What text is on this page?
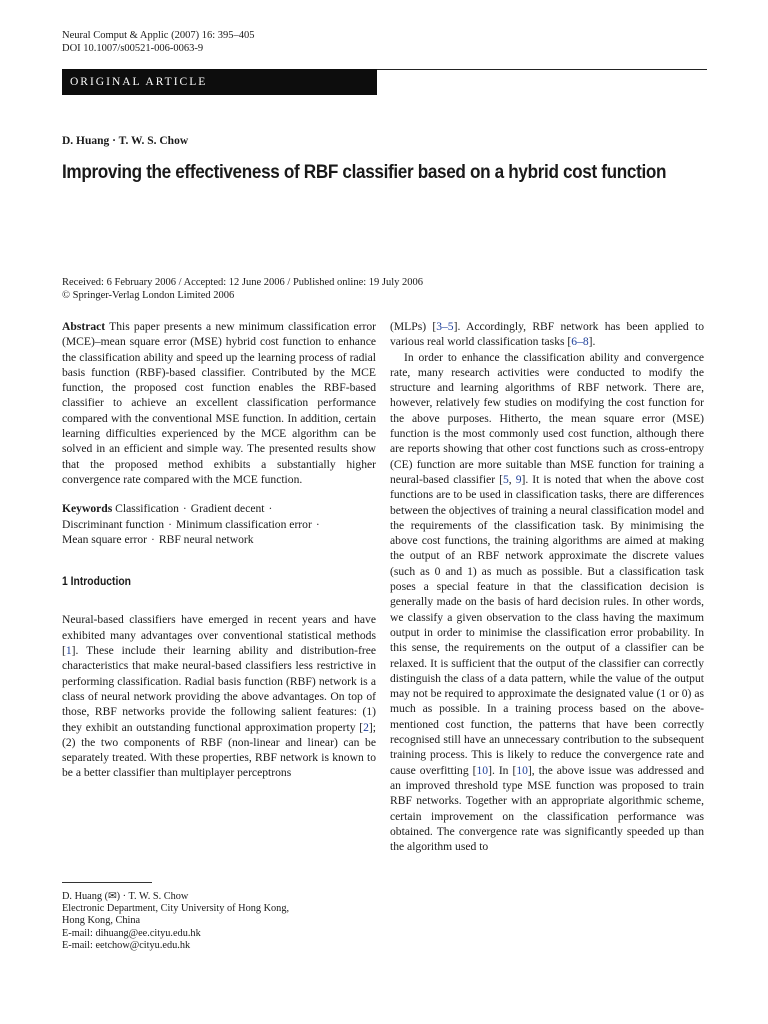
Neural Comput & Applic (2007) 16: 395–405
DOI 10.1007/s00521-006-0063-9
ORIGINAL ARTICLE
D. Huang · T. W. S. Chow
Improving the effectiveness of RBF classifier based on a hybrid cost function
Received: 6 February 2006 / Accepted: 12 June 2006 / Published online: 19 July 2006
© Springer-Verlag London Limited 2006

Abstract This paper presents a new minimum classification error (MCE)–mean square error (MSE) hybrid cost function to enhance the classification ability and speed up the learning process of radial basis function (RBF)-based classifier. Contributed by the MCE function, the proposed cost function enables the RBF-based classifier to achieve an excellent classification performance compared with the conventional MSE function. In addition, certain learning difficulties experienced by the MCE algorithm can be solved in an efficient and simple way. The presented results show that the proposed method exhibits a substantially higher convergence rate compared with the MCE function.

Keywords Classification · Gradient decent ·
Discriminant function · Minimum classification error ·
Mean square error · RBF neural network

1 Introduction

Neural-based classifiers have emerged in recent years and have exhibited many advantages over conventional statistical methods [1]. These include their learning ability and distribution-free characteristics that make neural-based classifiers less restrictive in performing classification. Radial basis function (RBF) network is a class of neural network providing the above advantages. On top of those, RBF networks provide the following salient features: (1) they exhibit an outstanding functional approximation property [2]; (2) the two components of RBF (non-linear and linear) can be separately treated. With these properties, RBF network is known to be a better classifier than multiplayer perceptrons

(MLPs) [3–5]. Accordingly, RBF network has been applied to various real world classification tasks [6–8].

In order to enhance the classification ability and convergence rate, many research activities were conducted to modify the structure and learning algorithms of RBF network. There are, however, relatively few studies on modifying the cost function for the above purposes. Hitherto, the mean square error (MSE) function is the most commonly used cost function, although there are reports showing that other cost functions such as cross-entropy (CE) function are more suitable than MSE function for training a neural-based classifier [5, 9]. It is noted that when the above cost functions are to be used in classification tasks, there are differences between the objectives of training a neural classification model and the requirements of the classification task. By minimising the above cost functions, the training algorithms are aimed at making the output of an RBF network approximate the discrete values (such as 0 and 1) as much as possible. But a classification task poses a special feature in that the classification decision is generally made on the basis of hard decision rules. In other words, we classify a given observation to the class having the maximum output in order to minimise the classification error probability. In this sense, the requirements on the output of a classifier can be relaxed. It is sufficient that the output of the classifier can correctly distinguish the class of a data pattern, while the value of the output may not be required to approximate the designated value (1 or 0) as much as possible. In a training process based on the above-mentioned cost function, the patterns that have been correctly recognised still have an unnecessary contribution to the subsequent training process. This is likely to reduce the convergence rate and cause overfitting [10]. In [10], the above issue was addressed and an improved threshold type MSE function was proposed to train RBF networks. Together with an appropriate algorithmic scheme, certain improvement on the classification performance was obtained. The convergence rate was significantly speeded up than the algorithm used to

D. Huang (✉) · T. W. S. Chow
Electronic Department, City University of Hong Kong,
Hong Kong, China
E-mail: dihuang@ee.cityu.edu.hk
E-mail: eetchow@cityu.edu.hk
